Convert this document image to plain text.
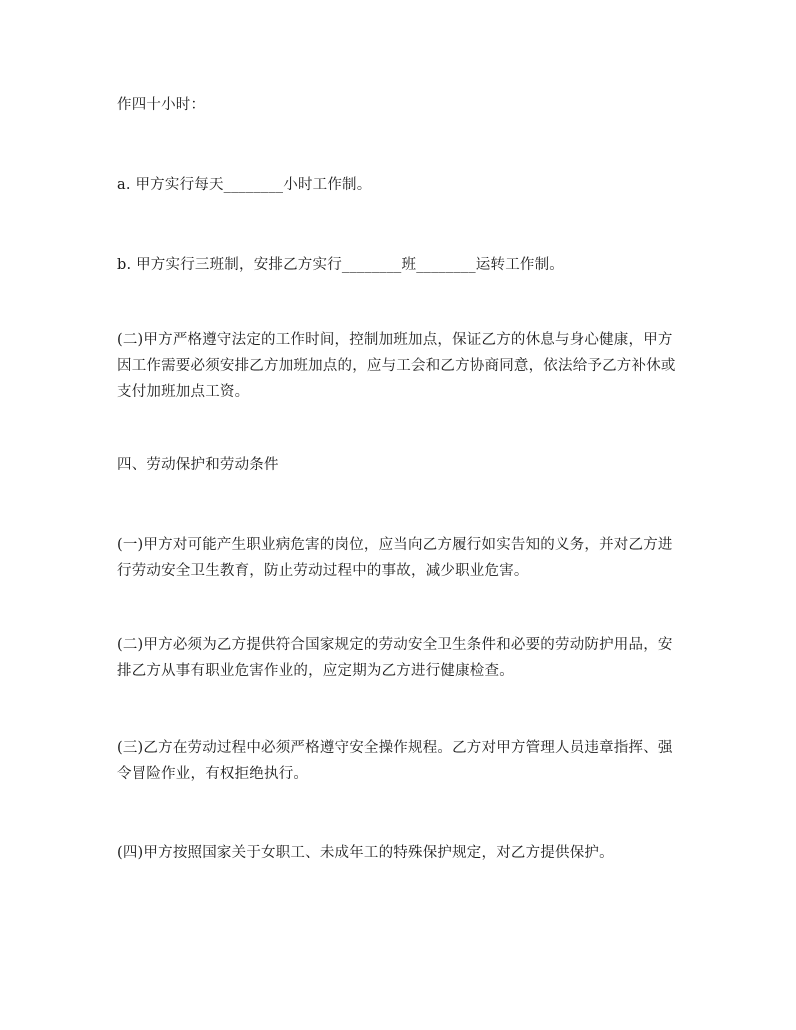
作四十小时：
a. 甲方实行每天________小时工作制。
b. 甲方实行三班制，安排乙方实行________班________运转工作制。
(二)甲方严格遵守法定的工作时间，控制加班加点，保证乙方的休息与身心健康，甲方因工作需要必须安排乙方加班加点的，应与工会和乙方协商同意，依法给予乙方补休或支付加班加点工资。
四、劳动保护和劳动条件
(一)甲方对可能产生职业病危害的岗位，应当向乙方履行如实告知的义务，并对乙方进行劳动安全卫生教育，防止劳动过程中的事故，减少职业危害。
(二)甲方必须为乙方提供符合国家规定的劳动安全卫生条件和必要的劳动防护用品，安排乙方从事有职业危害作业的，应定期为乙方进行健康检查。
(三)乙方在劳动过程中必须严格遵守安全操作规程。乙方对甲方管理人员违章指挥、强令冒险作业，有权拒绝执行。
(四)甲方按照国家关于女职工、未成年工的特殊保护规定，对乙方提供保护。
